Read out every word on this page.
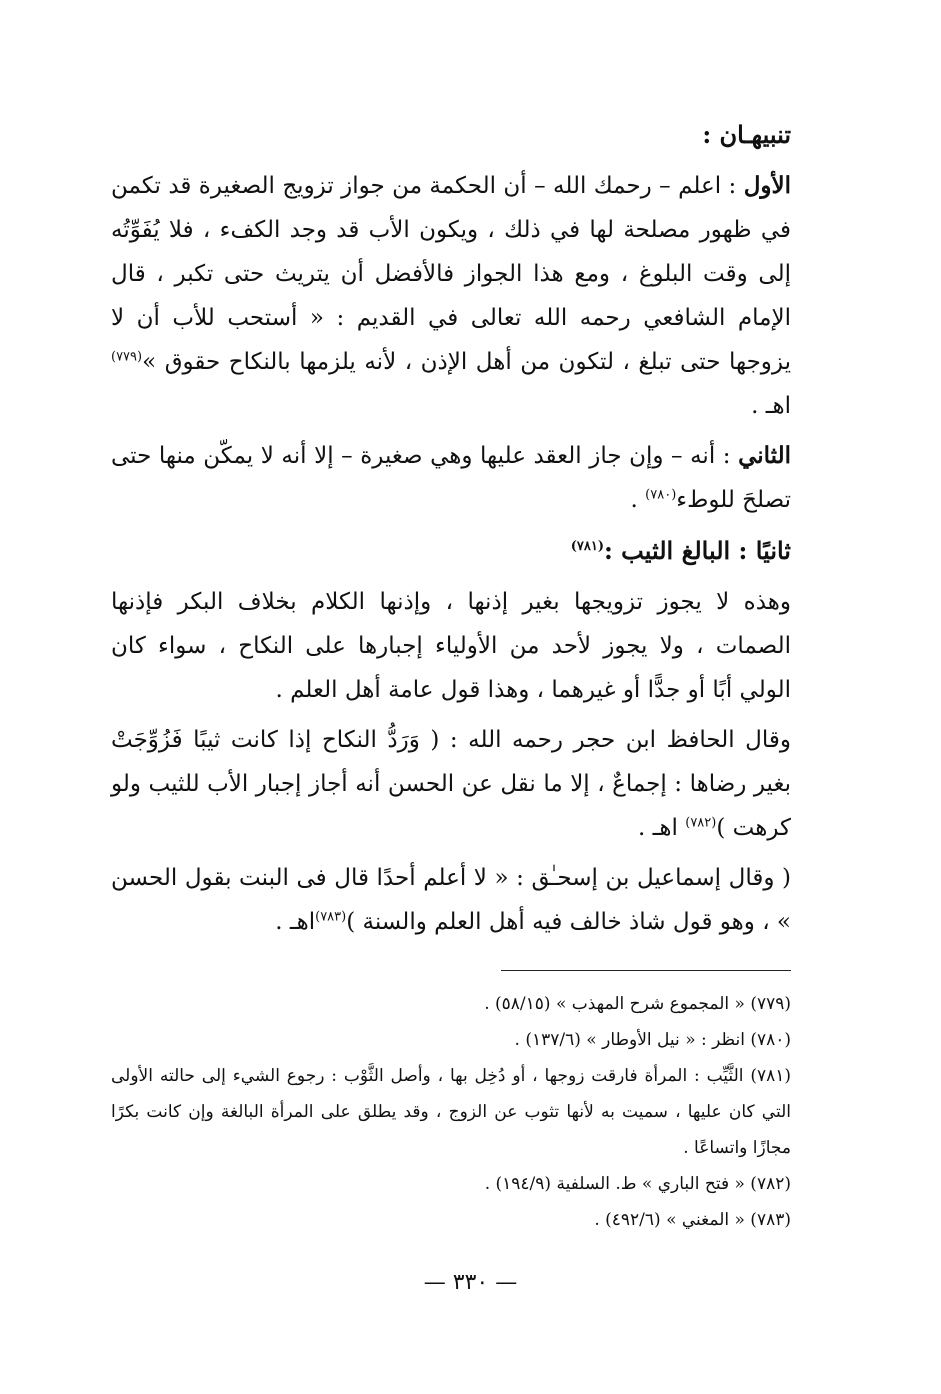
تنبيهـان :

الأول : اعلم – رحمك الله – أن الحكمة من جواز تزويج الصغيرة قد تكمن في ظهور مصلحة لها في ذلك ، ويكون الأب قد وجد الكفء ، فلا يُفَوِّتُه إلى وقت البلوغ ، ومع هذا الجواز فالأفضل أن يتريث حتى تكبر ، قال الإمام الشافعي رحمه الله تعالى في القديم : « أستحب للأب أن لا يزوجها حتى تبلغ ، لتكون من أهل الإذن ، لأنه يلزمها بالنكاح حقوق »$^{(٧٧٩)}$ اهـ .

الثاني : أنه – وإن جاز العقد عليها وهي صغيرة – إلا أنه لا يمكّن منها حتى تصلحَ للوطء$^{(٧٨٠)}$ .

ثانيًا : البالغ الثيب :$^{(٧٨١)}$

وهذه لا يجوز تزويجها بغير إذنها ، وإذنها الكلام بخلاف البكر فإذنها الصمات ، ولا يجوز لأحد من الأولياء إجبارها على النكاح ، سواء كان الولي أبًا أو جدًّا أو غيرهما ، وهذا قول عامة أهل العلم .

وقال الحافظ ابن حجر رحمه الله : ( وَرَدُّ النكاح إذا كانت ثيبًا فَزُوِّجَتْ بغير رضاها : إجماعٌ ، إلا ما نقل عن الحسن أنه أجاز إجبار الأب للثيب ولو كرهت )$^{(٧٨٢)}$ اهـ .

( وقال إسماعيل بن إسحـٰق : « لا أعلم أحدًا قال فى البنت بقول الحسن » ، وهو قول شاذ خالف فيه أهل العلم والسنة )$^{(٧٨٣)}$اهـ .

(٧٧٩) « المجموع شرح المهذب » (٥٨/١٥) .

(٧٨٠) انظر : « نيل الأوطار » (١٣٧/٦) .

(٧٨١) الثَّيِّب : المرأة فارقت زوجها ، أو دُخِل بها ، وأصل الثَّوْب : رجوع الشيء إلى حالته الأولى التي كان عليها ، سميت به لأنها تثوب عن الزوج ، وقد يطلق على المرأة البالغة وإن كانت بكرًا مجازًا واتساعًا .

(٧٨٢) « فتح الباري » ط. السلفية (١٩٤/٩) .

(٧٨٣) « المغني » (٤٩٢/٦) .

— ٣٣٠ —
